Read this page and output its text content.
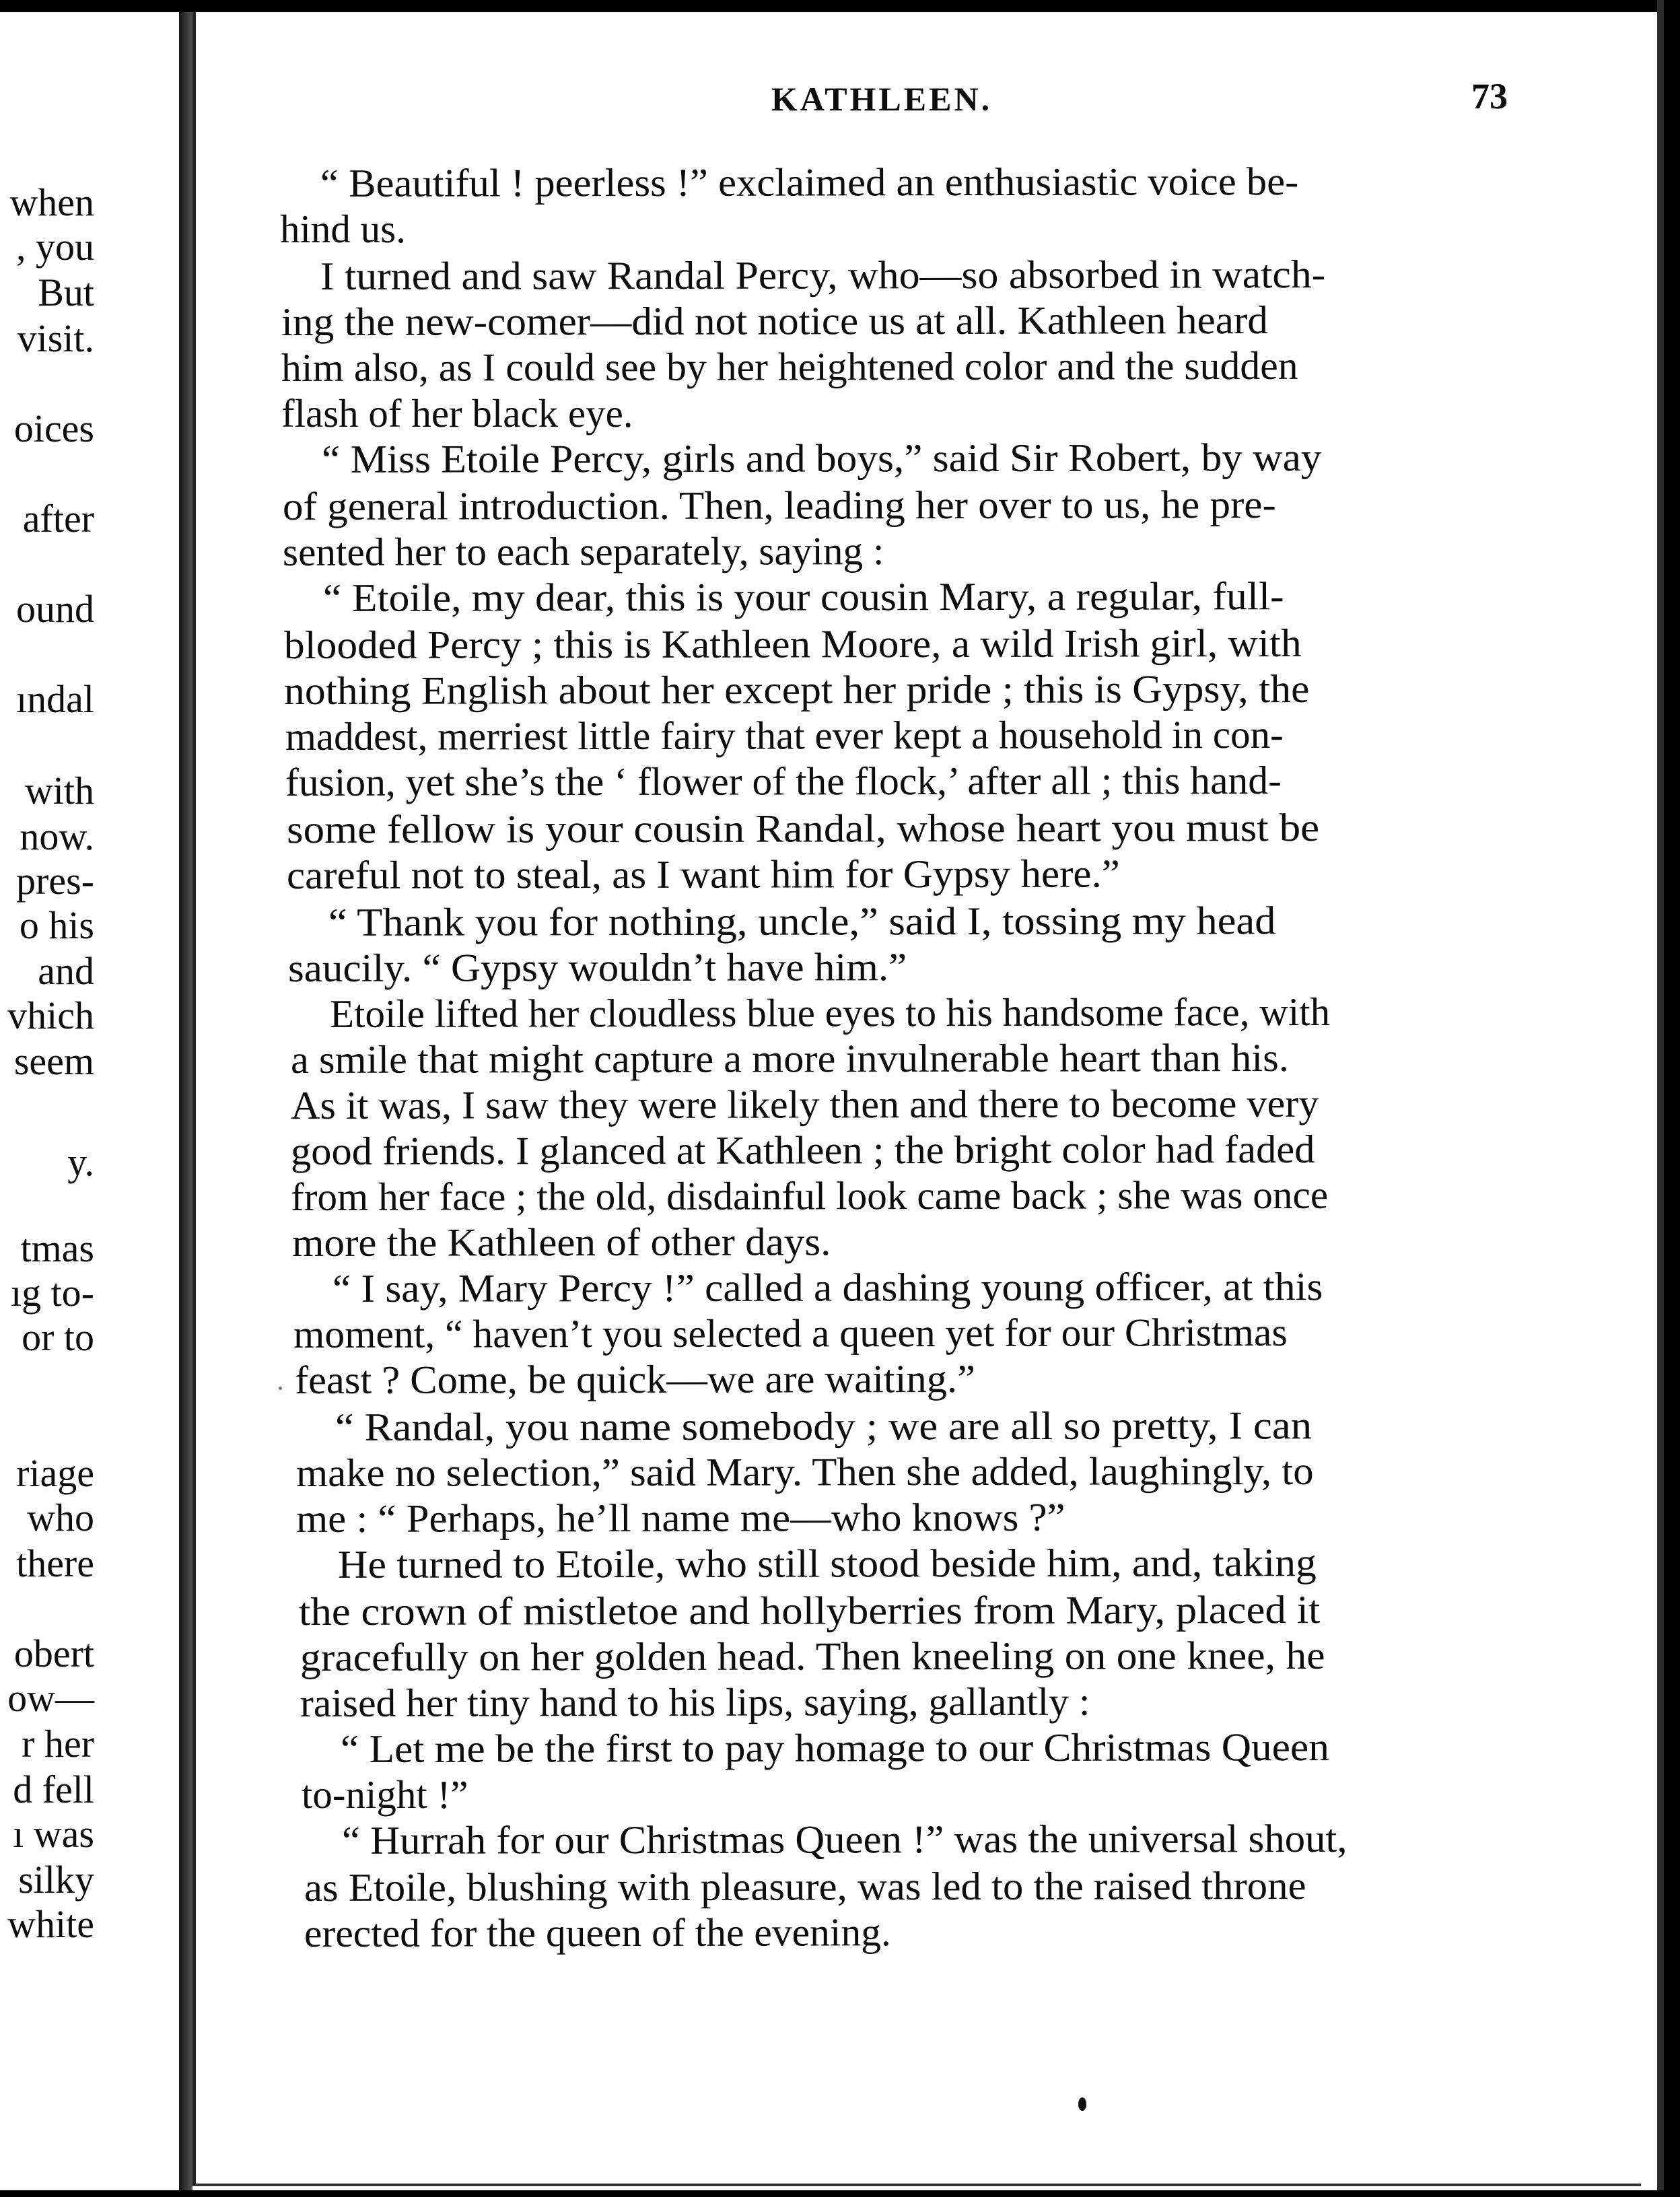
when
, you
But
visit.
oices
after
ound
ındal
with
now.
pres-
o his
and
vhich
seem
y.
tmas
ıg to-
or to
riage
who
there
obert
ow—
r her
d fell
ı was
silky
white
KATHLEEN.	73
“ Beautiful ! peerless !” exclaimed an enthusiastic voice be-
hind us.
I turned and saw Randal Percy, who—so absorbed in watch-
ing the new-comer—did not notice us at all. Kathleen heard
him also, as I could see by her heightened color and the sudden
flash of her black eye.
“ Miss Etoile Percy, girls and boys,” said Sir Robert, by way
of general introduction. Then, leading her over to us, he pre-
sented her to each separately, saying :
“ Etoile, my dear, this is your cousin Mary, a regular, full-
blooded Percy ; this is Kathleen Moore, a wild Irish girl, with
nothing English about her except her pride ; this is Gypsy, the
maddest, merriest little fairy that ever kept a household in con-
fusion, yet she’s the ‘ flower of the flock,’ after all ; this hand-
some fellow is your cousin Randal, whose heart you must be
careful not to steal, as I want him for Gypsy here.”
“ Thank you for nothing, uncle,” said I, tossing my head
saucily. “ Gypsy wouldn’t have him.”
Etoile lifted her cloudless blue eyes to his handsome face, with
a smile that might capture a more invulnerable heart than his.
As it was, I saw they were likely then and there to become very
good friends. I glanced at Kathleen ; the bright color had faded
from her face ; the old, disdainful look came back ; she was once
more the Kathleen of other days.
“ I say, Mary Percy !” called a dashing young officer, at this
moment, “ haven’t you selected a queen yet for our Christmas
feast ? Come, be quick—we are waiting.”
“ Randal, you name somebody ; we are all so pretty, I can
make no selection,” said Mary. Then she added, laughingly, to
me : “ Perhaps, he’ll name me—who knows ?”
He turned to Etoile, who still stood beside him, and, taking
the crown of mistletoe and hollyberries from Mary, placed it
gracefully on her golden head. Then kneeling on one knee, he
raised her tiny hand to his lips, saying, gallantly :
“ Let me be the first to pay homage to our Christmas Queen
to-night !”
“ Hurrah for our Christmas Queen !” was the universal shout,
as Etoile, blushing with pleasure, was led to the raised throne
erected for the queen of the evening.
